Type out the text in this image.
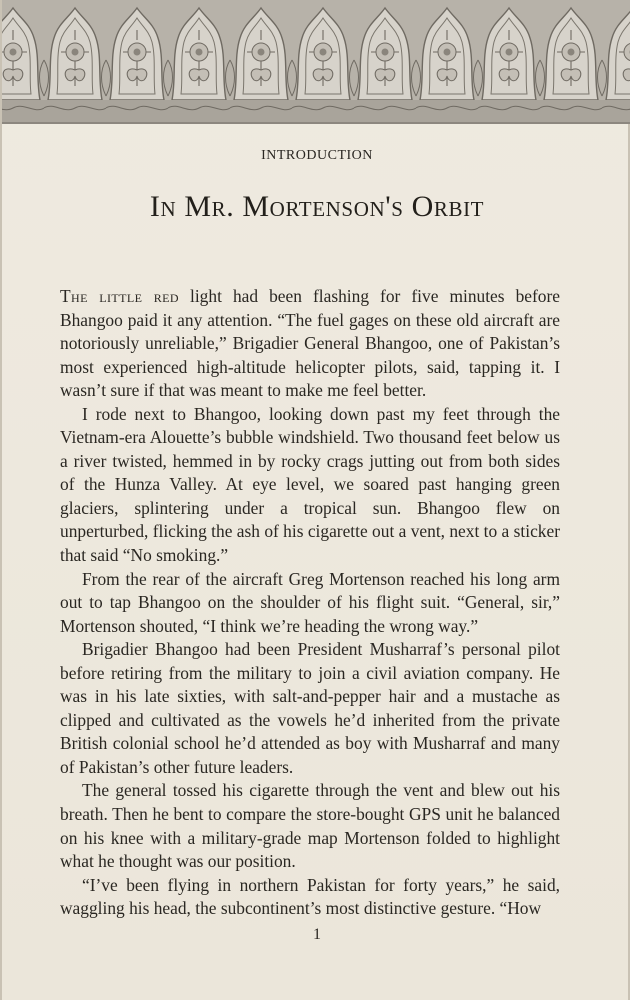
INTRODUCTION
In Mr. Mortenson's Orbit

The little red light had been flashing for five minutes before Bhangoo paid it any attention. “The fuel gages on these old aircraft are notoriously unreliable,” Brigadier General Bhangoo, one of Pakistan’s most experienced high-altitude helicopter pilots, said, tapping it. I wasn’t sure if that was meant to make me feel better.

I rode next to Bhangoo, looking down past my feet through the Vietnam-era Alouette’s bubble windshield. Two thousand feet below us a river twisted, hemmed in by rocky crags jutting out from both sides of the Hunza Valley. At eye level, we soared past hanging green glaciers, splintering under a tropical sun. Bhangoo flew on unperturbed, flicking the ash of his cigarette out a vent, next to a sticker that said “No smoking.”

From the rear of the aircraft Greg Mortenson reached his long arm out to tap Bhangoo on the shoulder of his flight suit. “General, sir,” Mortenson shouted, “I think we’re heading the wrong way.”

Brigadier Bhangoo had been President Musharraf’s personal pilot before retiring from the military to join a civil aviation company. He was in his late sixties, with salt-and-pepper hair and a mustache as clipped and cultivated as the vowels he’d inherited from the private British colonial school he’d attended as boy with Musharraf and many of Pakistan’s other future leaders.

The general tossed his cigarette through the vent and blew out his breath. Then he bent to compare the store-bought GPS unit he balanced on his knee with a military-grade map Mortenson folded to highlight what he thought was our position.

“I’ve been flying in northern Pakistan for forty years,” he said, waggling his head, the subcontinent’s most distinctive gesture. “How

1
